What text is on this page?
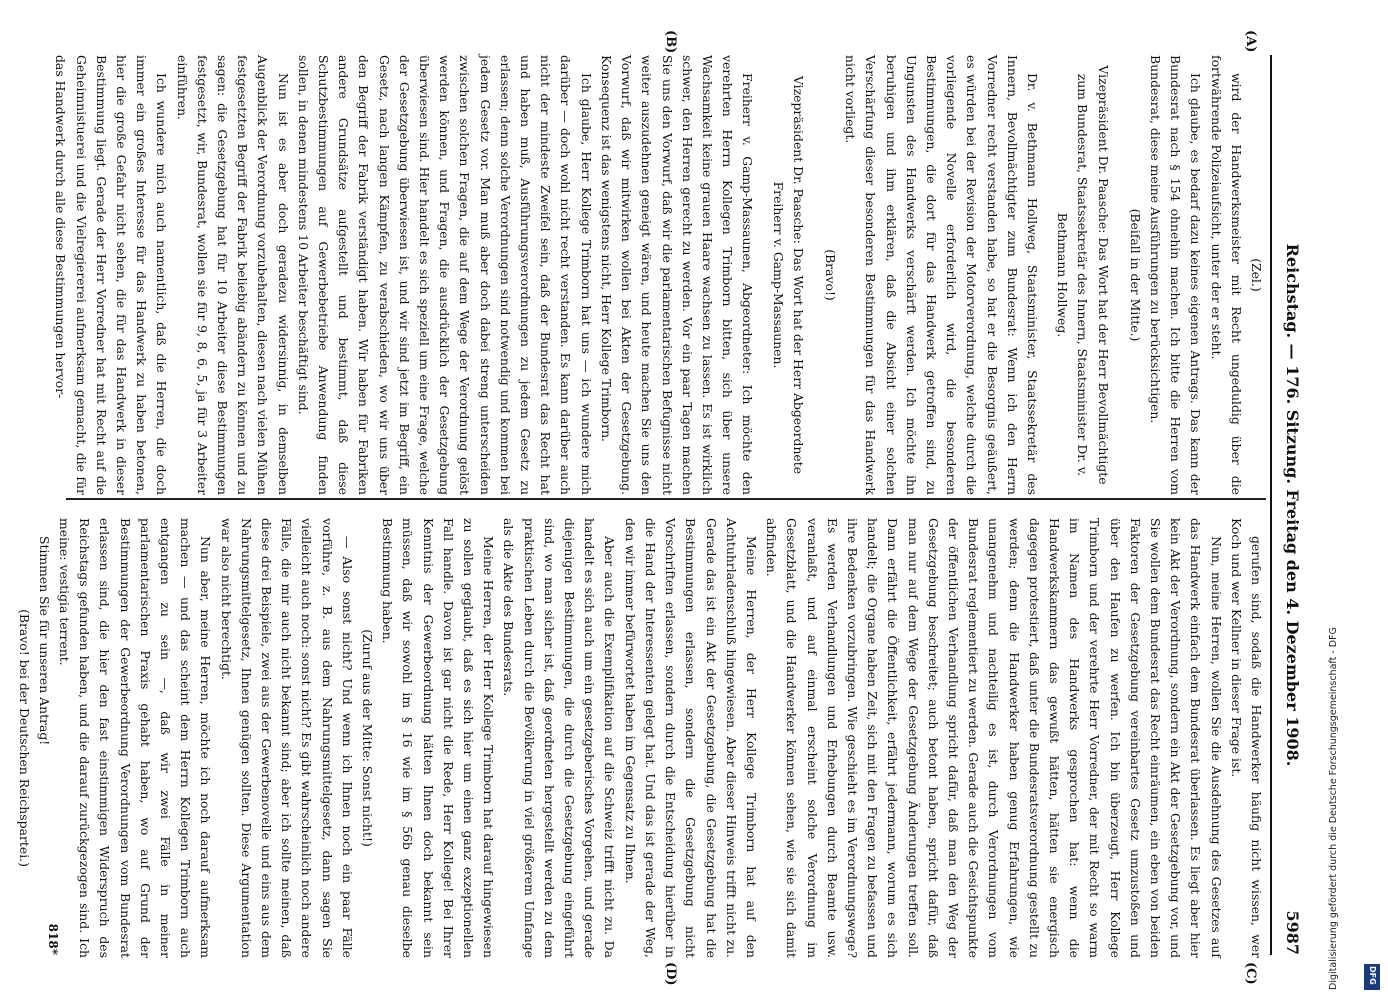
Reichstag. — 176. Sitzung. Freitag den 4. Dezember 1908.
5987
(A)
(B)
(C)
(D)

(Zel.)

wird der Handwerksmeister mit Recht ungeduldig über die fortwährende Polizeiaufsicht, unter der er steht.

Ich glaube, es bedarf dazu keines eigenen Antrags. Das kann der Bundesrat nach § 154 ohnehin machen. Ich bitte die Herren vom Bundesrat, diese meine Ausführungen zu berücksichtigen.

(Beifall in der Mitte.)

Vizepräsident Dr. Paasche: Das Wort hat der Herr Bevollmächtigte zum Bundesrat, Staatssekretär des Innern, Staatsminister Dr. v. Bethmann Hollweg.

Dr. v. Bethmann Hollweg, Staatsminister, Staatssekretär des Innern, Bevollmächtigter zum Bundesrat: Wenn ich den Herrn Vorredner recht verstanden habe, so hat er die Besorgnis geäußert, es würden bei der Revision der Motorverordnung, welche durch die vorliegende Novelle erforderlich wird, die besonderen Bestimmungen, die dort für das Handwerk getroffen sind, zu Ungunsten des Handwerks verschärft werden. Ich möchte ihn beruhigen und ihm erklären, daß die Absicht einer solchen Verschärfung dieser besonderen Bestimmungen für das Handwerk nicht vorliegt.

(Bravo!)

Vizepräsident Dr. Paasche: Das Wort hat der Herr Abgeordnete Freiherr v. Gamp-Massaunen.

Freiherr v. Gamp-Massaunen, Abgeordneter: Ich möchte den verehrten Herrn Kollegen Trimborn bitten, sich über unsere Wachsamkeit keine grauen Haare wachsen zu lassen. Es ist wirklich schwer, den Herren gerecht zu werden. Vor ein paar Tagen machen Sie uns den Vorwurf, daß wir die parlamentarischen Befugnisse nicht weiter auszudehnen geneigt wären, und heute machen Sie uns den Vorwurf, daß wir mitwirken wollen bei Akten der Gesetzgebung. Konsequenz ist das wenigstens nicht, Herr Kollege Trimborn.

Ich glaube, Herr Kollege Trimborn hat uns — ich wundere mich darüber — doch wohl nicht recht verstanden. Es kann darüber auch nicht der mindeste Zweifel sein, daß der Bundesrat das Recht hat und haben muß, Ausführungsverordnungen zu jedem Gesetz zu erlassen; denn solche Verordnungen sind notwendig und kommen bei jedem Gesetz vor. Man muß aber doch dabei streng unterscheiden zwischen solchen Fragen, die auf dem Wege der Verordnung gelöst werden können, und Fragen, die ausdrücklich der Gesetzgebung überwiesen sind. Hier handelt es sich speziell um eine Frage, welche der Gesetzgebung überwiesen ist, und wir sind jetzt im Begriff, ein Gesetz, nach langen Kämpfen, zu verabschieden, wo wir uns über den Begriff der Fabrik verständigt haben. Wir haben für Fabriken andere Grundsätze aufgestellt und bestimmt, daß diese Schutzbestimmungen auf Gewerbebetriebe Anwendung finden sollen, in denen mindestens 10 Arbeiter beschäftigt sind.

Nun ist es aber doch geradezu widersinnig, in demselben Augenblick der Verordnung vorzubehalten, diesen nach vielen Mühen festgesetzten Begriff der Fabrik beliebig abändern zu können und zu sagen: die Gesetzgebung hat für 10 Arbeiter diese Bestimmungen festgesetzt, wir, Bundesrat, wollen sie für 9, 8, 6, 5, ja für 3 Arbeiter einführen.

Ich wundere mich auch namentlich, daß die Herren, die doch immer ein großes Interesse für das Handwerk zu haben betonen, hier die große Gefahr nicht sehen, die für das Handwerk in dieser Bestimmung liegt. Gerade der Herr Vorredner hat mit Recht auf die Geheimnistuerei und die Vielregiererei aufmerksam gemacht, die für das Handwerk durch alle diese Bestimmungen hervor-

gerufen sind, sodaß die Handwerker häufig nicht wissen, wer Koch und wer Kellner in dieser Frage ist.

Nun, meine Herren, wollen Sie die Ausdehnung des Gesetzes auf das Handwerk einfach dem Bundesrat überlassen. Es liegt aber hier kein Akt der Verordnung, sondern ein Akt der Gesetzgebung vor, und Sie wollen dem Bundesrat das Recht einräumen, ein eben von beiden Faktoren der Gesetzgebung vereinbartes Gesetz umzustoßen und über den Haufen zu werfen. Ich bin überzeugt, Herr Kollege Trimborn und der verehrte Herr Vorredner, der mit Recht so warm im Namen des Handwerks gesprochen hat: wenn die Handwerkskammern das gewußt hätten, hätten sie energisch dagegen protestiert, daß unter die Bundesratsverordnung gestellt zu werden; denn die Handwerker haben genug Erfahrungen, wie unangenehm und nachteilig es ist, durch Verordnungen vom Bundesrat reglementiert zu werden. Gerade auch die Gesichtspunkte der öffentlichen Verhandlung spricht dafür, daß man den Weg der Gesetzgebung beschreitet; auch betont haben, spricht dafür, daß man nur auf dem Wege der Gesetzgebung Änderungen treffen soll. Dann erfährt die Öffentlichkeit, erfährt jedermann, worum es sich handelt; die Organe haben Zeit, sich mit den Fragen zu befassen und ihre Bedenken vorzubringen. Wie geschieht es im Verordnungswege? Es werden Verhandlungen und Erhebungen durch Beamte usw. veranlaßt, und auf einmal erscheint solche Verordnung im Gesetzblatt, und die Handwerker können sehen, wie sie sich damit abfinden.

Meine Herren, der Herr Kollege Trimborn hat auf den Achtuhrladenschluß hingewiesen. Aber dieser Hinweis trifft nicht zu. Gerade das ist ein Akt der Gesetzgebung, die Gesetzgebung hat die Bestimmungen erlassen, sondern die Gesetzgebung nicht Vorschriften erlassen, sondern durch die Entscheidung hierüber in die Hand der Interessenten gelegt hat. Und das ist gerade der Weg, den wir immer befürwortet haben im Gegensatz zu Ihnen.

Aber auch die Exemplifikation auf die Schweiz trifft nicht zu. Da handelt es sich auch um ein gesetzgeberisches Vorgehen, und gerade diejenigen Bestimmungen, die durch die Gesetzgebung eingeführt sind, wo man sicher ist, daß geordneten hergestellt werden zu dem praktischen Leben durch die Bevölkerung in viel größerem Umfange als die Akte des Bundesrats.

Meine Herren, der Herr Kollege Trimborn hat darauf hingewiesen zu sollen geglaubt, daß es sich hier um einen ganz exzeptionellen Fall handle. Davon ist gar nicht die Rede, Herr Kollege! Bei Ihrer Kenntnis der Gewerbeordnung hätten Ihnen doch bekannt sein müssen, daß wir sowohl im § 16 wie im § 56b genau dieselbe Bestimmung haben.

(Zuruf aus der Mitte: Sonst nicht!)

— Also sonst nicht? Und wenn ich Ihnen noch ein paar Fälle vorführe, z. B. aus dem Nahrungsmittelgesetz, dann sagen Sie vielleicht auch noch: sonst nicht? Es gibt wahrscheinlich noch andere Fälle, die mir auch nicht bekannt sind; aber ich sollte meinen, daß diese drei Beispiele, zwei aus der Gewerbenovelle und eins aus dem Nahrungsmittelgesetz, Ihnen genügen sollten. Diese Argumentation war also nicht berechtigt.

Nun aber, meine Herren, möchte ich noch darauf aufmerksam machen — und das scheint dem Herrn Kollegen Trimborn auch entgangen zu sein —, daß wir zwei Fälle in meiner parlamentarischen Praxis gehabt haben, wo auf Grund der Bestimmungen der Gewerbeordnung Verordnungen vom Bundesrat erlassen sind, die hier den fast einstimmigen Widerspruch des Reichstags gefunden haben, und die darauf zurückgezogen sind. Ich meine: vestigia terrent.

Stimmen Sie für unseren Antrag!

(Bravo! bei der Deutschen Reichspartei.)

818*	Digitalisierung gefördert durch die Deutsche Forschungsgemeinschaft - DFG	DFG
